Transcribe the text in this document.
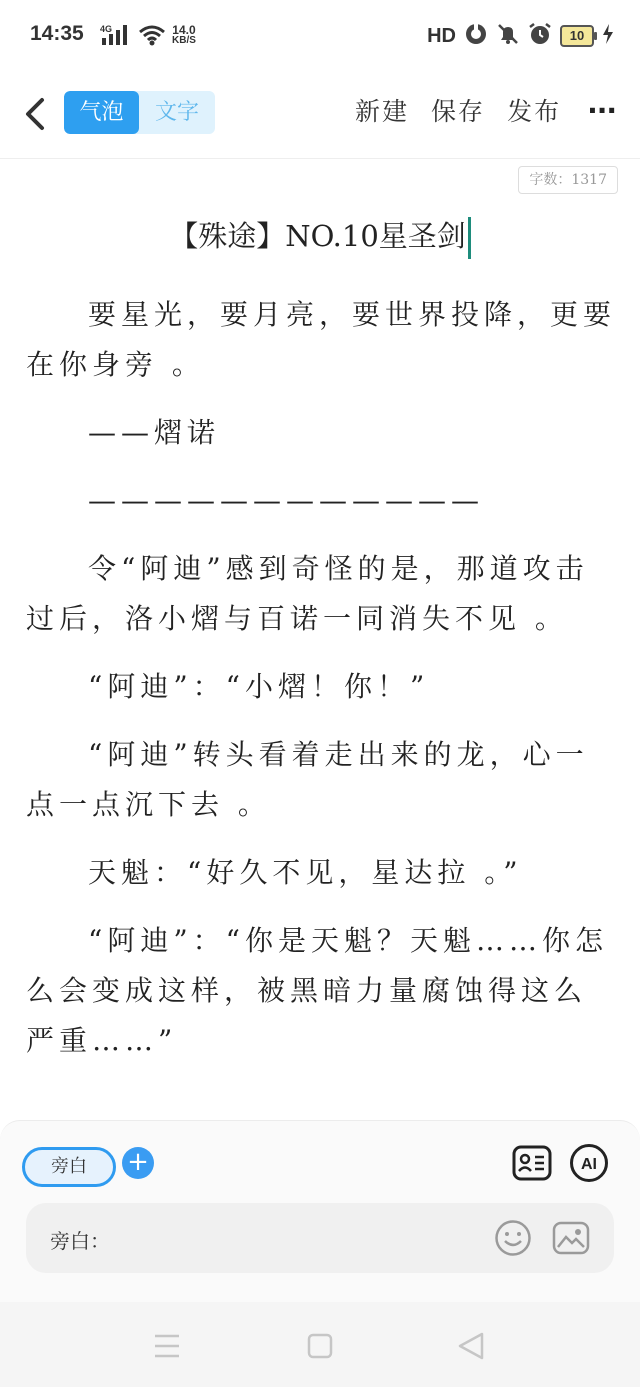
14:35 4G	14.0
KB/S	HD	10
气泡	文字	新建 保存 发布 ···
字数：1317
【殊途】NO.10星圣剑

要星光，要月亮，要世界投降，更要在你身旁 。

——熠诺

————————————

令“阿迪”感到奇怪的是，那道攻击过后，洛小熠与百诺一同消失不见 。

“阿迪”：“小熠！你！”

“阿迪”转头看着走出来的龙，心一点一点沉下去 。

天魁：“好久不见，星达拉 。”

“阿迪”：“你是天魁？天魁……你怎么会变成这样，被黑暗力量腐蚀得这么严重……”

旁白	+	AI
旁白：
